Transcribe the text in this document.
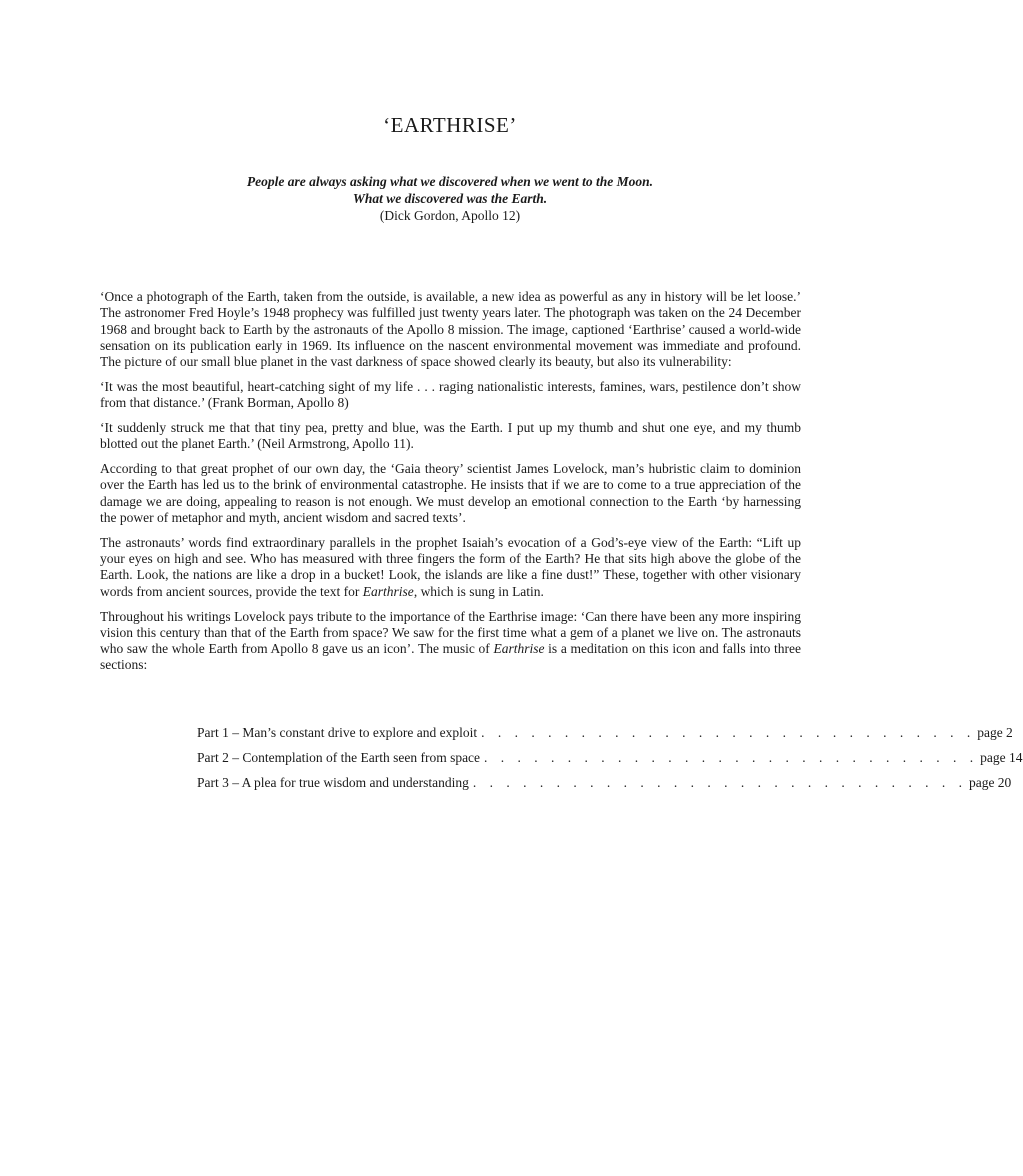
‘EARTHRISE’
People are always asking what we discovered when we went to the Moon.
What we discovered was the Earth.
(Dick Gordon, Apollo 12)

‘Once a photograph of the Earth, taken from the outside, is available, a new idea as powerful as any in history will be let loose.’ The astronomer Fred Hoyle’s 1948 prophecy was fulfilled just twenty years later. The photograph was taken on the 24 December 1968 and brought back to Earth by the astronauts of the Apollo 8 mission. The image, captioned ‘Earthrise’ caused a world-wide sensation on its publication early in 1969. Its influence on the nascent environmental movement was immediate and profound. The picture of our small blue planet in the vast darkness of space showed clearly its beauty, but also its vulnerability:

‘It was the most beautiful, heart-catching sight of my life . . . raging nationalistic interests, famines, wars, pestilence don’t show from that distance.’ (Frank Borman, Apollo 8)

‘It suddenly struck me that that tiny pea, pretty and blue, was the Earth. I put up my thumb and shut one eye, and my thumb blotted out the planet Earth.’ (Neil Armstrong, Apollo 11).

According to that great prophet of our own day, the ‘Gaia theory’ scientist James Lovelock, man’s hubristic claim to dominion over the Earth has led us to the brink of environmental catastrophe. He insists that if we are to come to a true appreciation of the damage we are doing, appealing to reason is not enough. We must develop an emotional connection to the Earth ‘by harnessing the power of metaphor and myth, ancient wisdom and sacred texts’.

The astronauts’ words find extraordinary parallels in the prophet Isaiah’s evocation of a God’s-eye view of the Earth: “Lift up your eyes on high and see. Who has measured with three fingers the form of the Earth? He that sits high above the globe of the Earth. Look, the nations are like a drop in a bucket! Look, the islands are like a fine dust!” These, together with other visionary words from ancient sources, provide the text for Earthrise, which is sung in Latin.

Throughout his writings Lovelock pays tribute to the importance of the Earthrise image: ‘Can there have been any more inspiring vision this century than that of the Earth from space? We saw for the first time what a gem of a planet we live on. The astronauts who saw the whole Earth from Apollo 8 gave us an icon’. The music of Earthrise is a meditation on this icon and falls into three sections:

Part 1 – Man’s constant drive to explore and exploit . . . . . . . . . . . . . . . . . . . . . . . . . . . . . . page 2
Part 2 – Contemplation of the Earth seen from space . . . . . . . . . . . . . . . . . . . . . . . . . . . . . . page 14
Part 3 – A plea for true wisdom and understanding . . . . . . . . . . . . . . . . . . . . . . . . . . . . . . page 20
